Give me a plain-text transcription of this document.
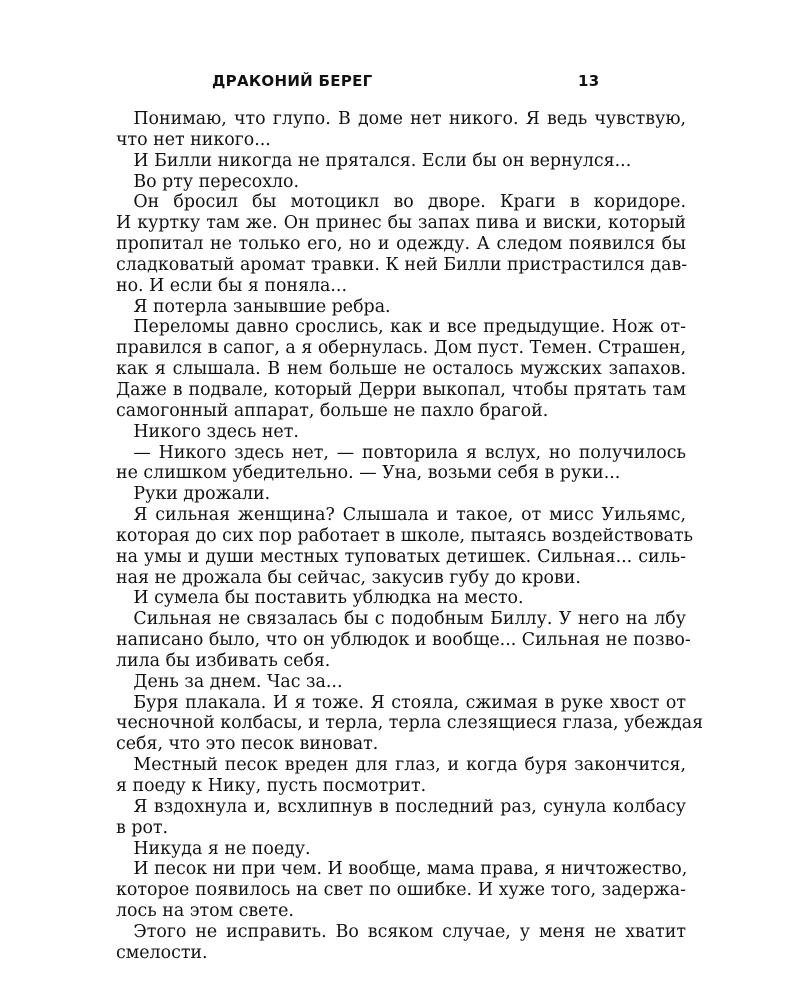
ДРАКОНИЙ БЕРЕГ	13

 Понимаю, что глупо. В доме нет никого. Я ведь чувствую,
что нет никого...

 И Билли никогда не прятался. Если бы он вернулся...

 Во рту пересохло.

 Он бросил бы мотоцикл во дворе. Краги в коридоре.
И куртку там же. Он принес бы запах пива и виски, который
пропитал не только его, но и одежду. А следом появился бы
сладковатый аромат травки. К ней Билли пристрастился дав-
но. И если бы я поняла...

 Я потерла занывшие ребра.

 Переломы давно срослись, как и все предыдущие. Нож от-
правился в сапог, а я обернулась. Дом пуст. Темен. Страшен,
как я слышала. В нем больше не осталось мужских запахов.
Даже в подвале, который Дерри выкопал, чтобы прятать там
самогонный аппарат, больше не пахло брагой.

 Никого здесь нет.

 — Никого здесь нет, — повторила я вслух, но получилось
не слишком убедительно. — Уна, возьми себя в руки...

 Руки дрожали.

 Я сильная женщина? Слышала и такое, от мисс Уильямс,
которая до сих пор работает в школе, пытаясь воздействовать
на умы и души местных туповатых детишек. Сильная... силь-
ная не дрожала бы сейчас, закусив губу до крови.

 И сумела бы поставить ублюдка на место.

 Сильная не связалась бы с подобным Биллу. У него на лбу
написано было, что он ублюдок и вообще... Сильная не позво-
лила бы избивать себя.

 День за днем. Час за...

 Буря плакала. И я тоже. Я стояла, сжимая в руке хвост от
чесночной колбасы, и терла, терла слезящиеся глаза, убеждая
себя, что это песок виноват.

 Местный песок вреден для глаз, и когда буря закончится,
я поеду к Нику, пусть посмотрит.

 Я вздохнула и, всхлипнув в последний раз, сунула колбасу
в рот.

 Никуда я не поеду.

 И песок ни при чем. И вообще, мама права, я ничтожество,
которое появилось на свет по ошибке. И хуже того, задержа-
лось на этом свете.

 Этого не исправить. Во всяком случае, у меня не хватит
смелости.
